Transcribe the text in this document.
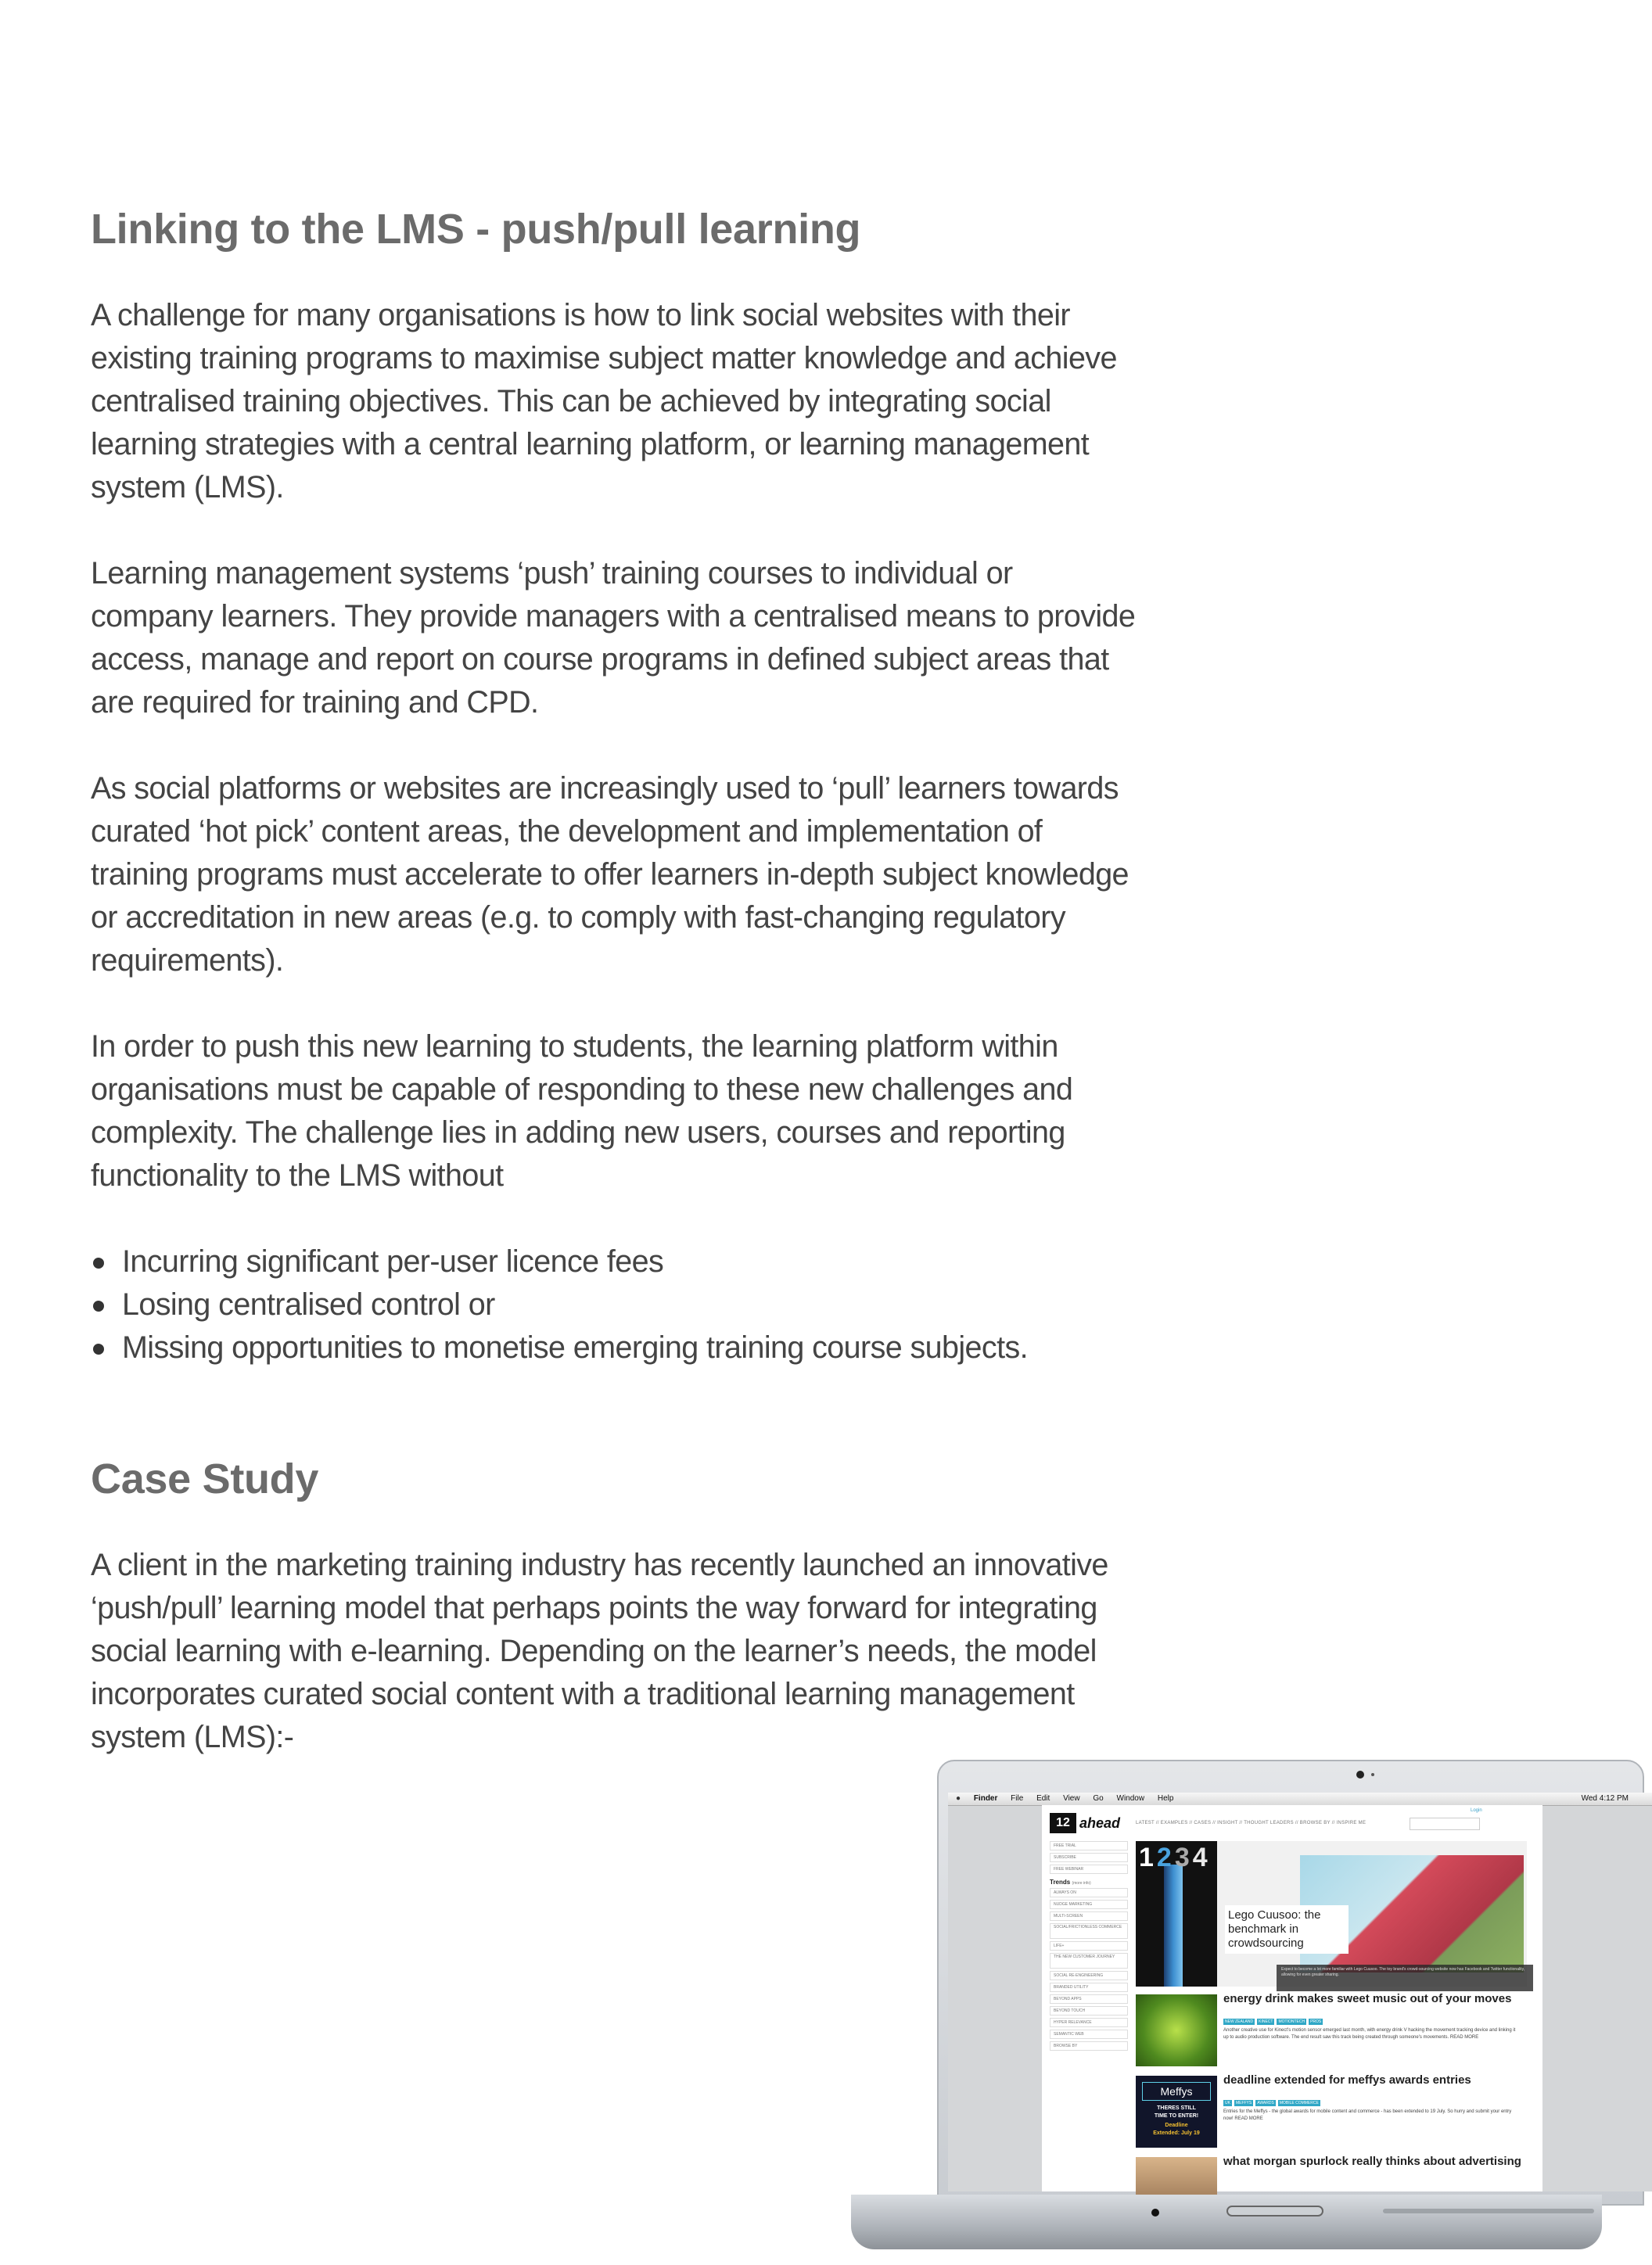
Linking to the LMS - push/pull learning

A challenge for many organisations is how to link social websites with their
existing training programs to maximise subject matter knowledge and achieve
centralised training objectives. This can be achieved by integrating social
learning strategies with a central learning platform, or learning management
system (LMS).

Learning management systems ‘push’ training courses to individual or
company learners. They provide managers with a centralised means to provide
access, manage and report on course programs in defined subject areas that
are required for training and CPD.

As social platforms or websites are increasingly used to ‘pull’ learners towards
curated ‘hot pick’ content areas, the development and implementation of
training programs must accelerate to offer learners in-depth subject knowledge
or accreditation in new areas (e.g. to comply with fast-changing regulatory
requirements).

In order to push this new learning to students, the learning platform within
organisations must be capable of responding to these new challenges and
complexity. The challenge lies in adding new users, courses and reporting
functionality to the LMS without

Incurring significant per-user licence fees
Losing centralised control or
Missing opportunities to monetise emerging training course subjects.
Case Study

A client in the marketing training industry has recently launched an innovative
‘push/pull’ learning model that perhaps points the way forward for integrating
social learning with e-learning. Depending on the learner’s needs, the model
incorporates curated social content with a traditional learning management
system (LMS):-

● Finder File Edit View Go Window Help	Wed 4:12 PM
Login
12 ahead	LATEST // EXAMPLES // CASES // INSIGHT // THOUGHT LEADERS // BROWSE BY // INSPIRE ME
FREE TRIAL
SUBSCRIBE
FREE WEBINAR
Trends (more info)
ALWAYS ON
NUDGE MARKETING
MULTI-SCREEN
SOCIAL/FRICTIONLESS COMMERCE
LIFE+
THE NEW CUSTOMER JOURNEY
SOCIAL RE-ENGINEERING
BRANDED UTILITY
BEYOND APPS
BEYOND TOUCH
HYPER RELEVANCE
SEMANTIC WEB
BROWSE BY
1234
Lego Cuusoo: the benchmark in crowdsourcing
Expect to become a lot more familiar with Lego Cuusoo. The toy brand's crowd-sourcing website now has Facebook and Twitter functionality, allowing for even greater sharing.
energy drink makes sweet music out of your moves
NEW ZEALAND KINECT MOTIONTECH PROS
Another creative use for Kinect's motion sensor emerged last month, with energy drink V hacking the movement tracking device and linking it up to audio production software. The end result saw this track being created through someone's movements. READ MORE
Meffys
THERES STILL
TIME TO ENTER!
Deadline
Extended: July 19
deadline extended for meffys awards entries
UK MEFFYS AWARDS MOBILE COMMERCE
Entries for the Meffys - the global awards for mobile content and commerce - has been extended to 19 July. So hurry and submit your entry now! READ MORE
what morgan spurlock really thinks about advertising
